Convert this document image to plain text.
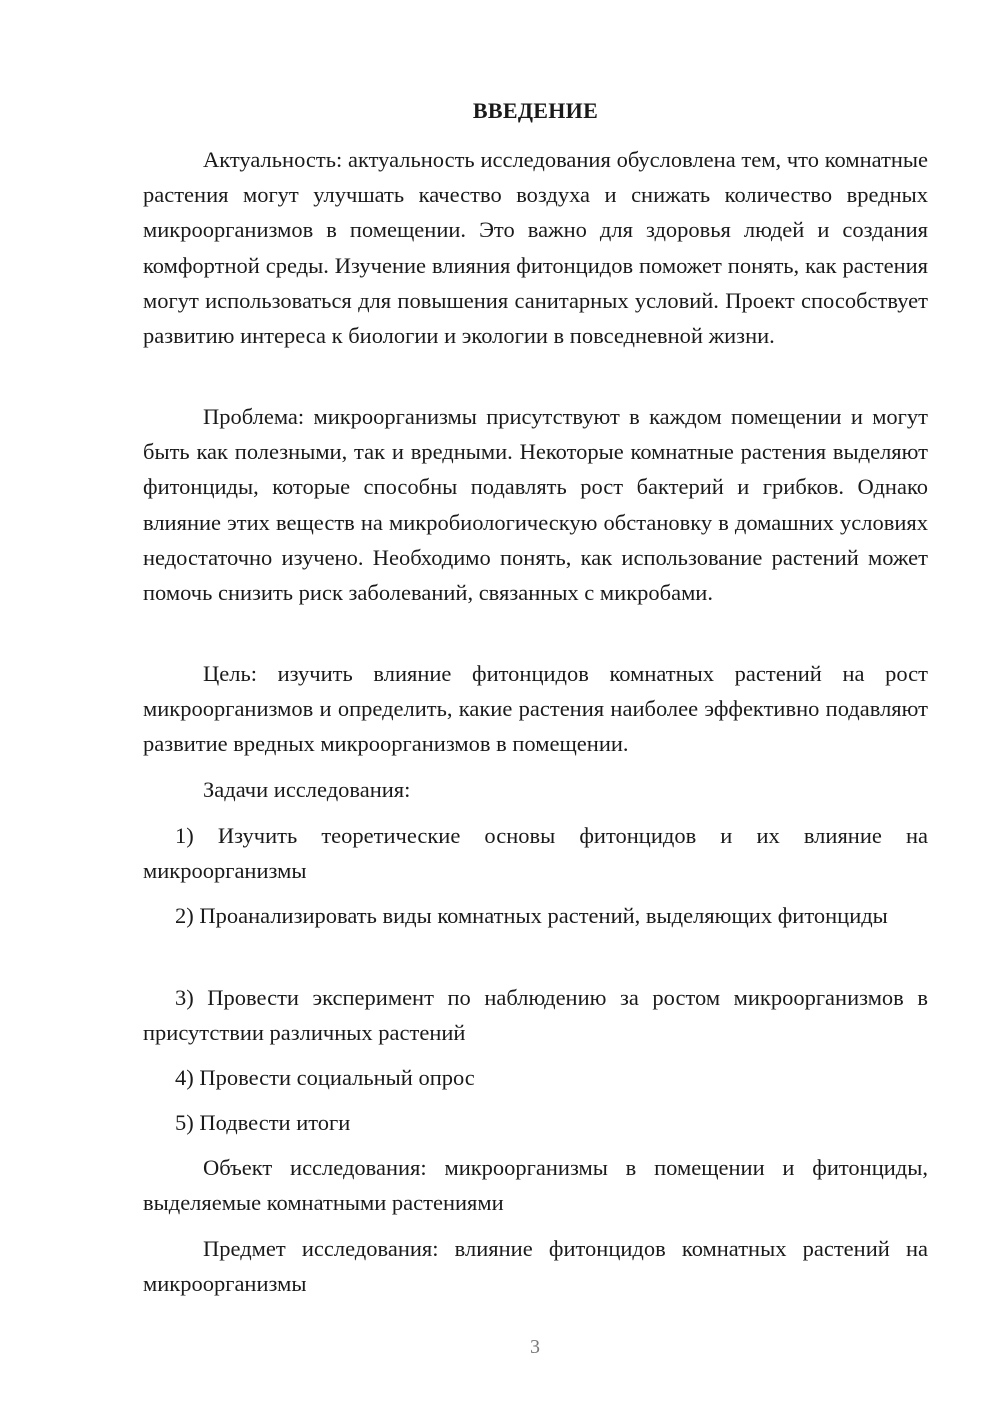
ВВЕДЕНИЕ

Актуальность: актуальность исследования обусловлена тем, что комнатные растения могут улучшать качество воздуха и снижать количество вредных микроорганизмов в помещении. Это важно для здоровья людей и создания комфортной среды. Изучение влияния фитонцидов поможет понять, как растения могут использоваться для повышения санитарных условий. Проект способствует развитию интереса к биологии и экологии в повседневной жизни.

Проблема: микроорганизмы присутствуют в каждом помещении и могут быть как полезными, так и вредными. Некоторые комнатные растения выделяют фитонциды, которые способны подавлять рост бактерий и грибков. Однако влияние этих веществ на микробиологическую обстановку в домашних условиях недостаточно изучено. Необходимо понять, как использование растений может помочь снизить риск заболеваний, связанных с микробами.

Цель: изучить влияние фитонцидов комнатных растений на рост микроорганизмов и определить, какие растения наиболее эффективно подавляют развитие вредных микроорганизмов в помещении.

Задачи исследования:

1) Изучить теоретические основы фитонцидов и их влияние на микроорганизмы

2) Проанализировать виды комнатных растений, выделяющих фитонциды

3) Провести эксперимент по наблюдению за ростом микроорганизмов в присутствии различных растений

4) Провести социальный опрос

5) Подвести итоги

Объект исследования: микроорганизмы в помещении и фитонциды, выделяемые комнатными растениями

Предмет исследования: влияние фитонцидов комнатных растений на микроорганизмы

3
